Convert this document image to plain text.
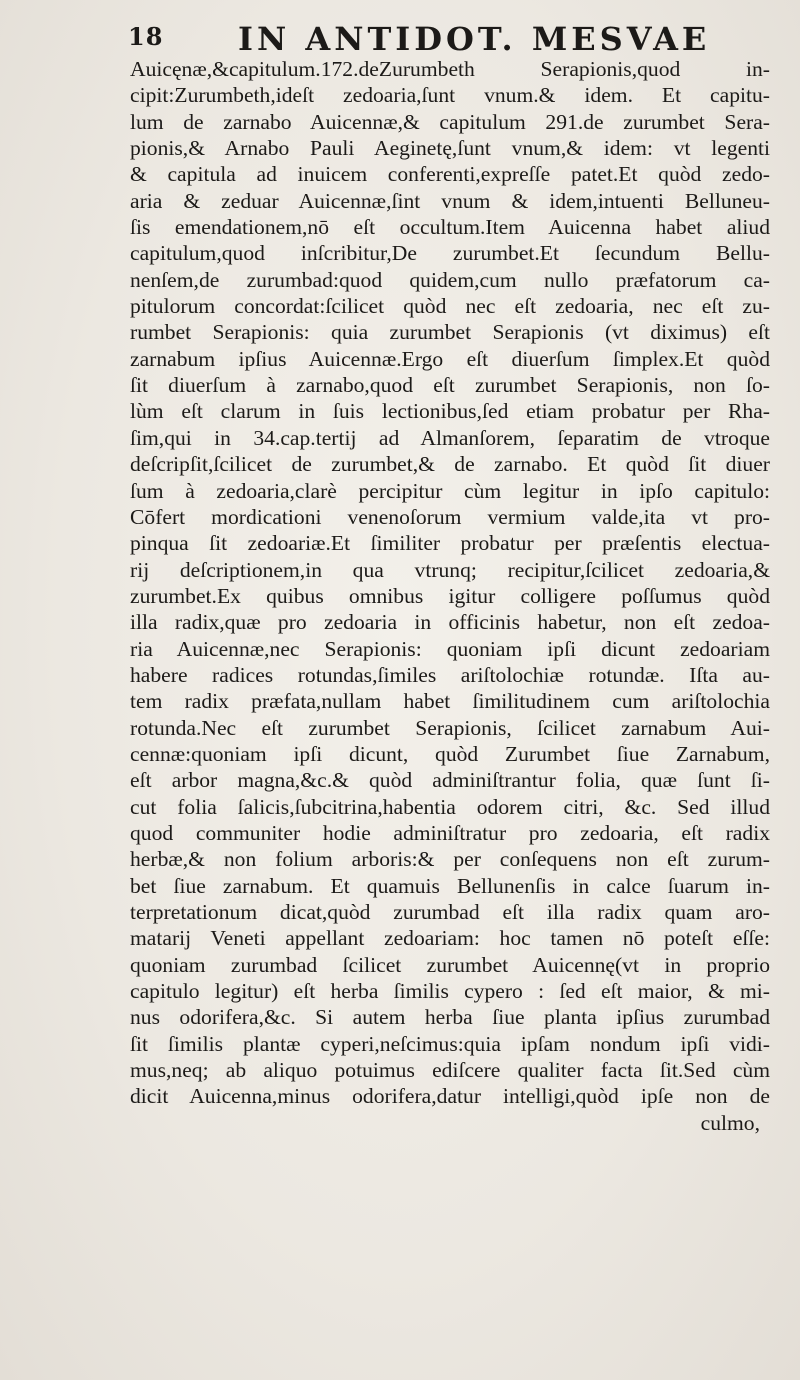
18 IN ANTIDOT. MESVAE
Auicęnæ,&capitulum.172.deZurumbeth Serapionis,quod in-
cipit:Zurumbeth,ideſt zedoaria,ſunt vnum.& idem. Et capitu-
lum de zarnabo Auicennæ,& capitulum 291.de zurumbet Sera-
pionis,& Arnabo Pauli Aeginetę,ſunt vnum,& idem: vt legenti
& capitula ad inuicem conferenti,expreſſe patet.Et quòd zedo-
aria & zeduar Auicennæ,ſint vnum & idem,intuenti Belluneu-
ſis emendationem,nō eſt occultum.Item Auicenna habet aliud
capitulum,quod inſcribitur,De zurumbet.Et ſecundum Bellu-
nenſem,de zurumbad:quod quidem,cum nullo præfatorum ca-
pitulorum concordat:ſcilicet quòd nec eſt zedoaria, nec eſt zu-
rumbet Serapionis: quia zurumbet Serapionis (vt diximus) eſt
zarnabum ipſius Auicennæ.Ergo eſt diuerſum ſimplex.Et quòd
ſit diuerſum à zarnabo,quod eſt zurumbet Serapionis, non ſo-
lùm eſt clarum in ſuis lectionibus,ſed etiam probatur per Rha-
ſim,qui in 34.cap.tertij ad Almanſorem, ſeparatim de vtroque
deſcripſit,ſcilicet de zurumbet,& de zarnabo. Et quòd ſit diuer
ſum à zedoaria,clarè percipitur cùm legitur in ipſo capitulo:
Cōfert mordicationi venenoſorum vermium valde,ita vt pro-
pinqua ſit zedoariæ.Et ſimiliter probatur per præſentis electua-
rij deſcriptionem,in qua vtrunq; recipitur,ſcilicet zedoaria,&
zurumbet.Ex quibus omnibus igitur colligere poſſumus quòd
illa radix,quæ pro zedoaria in officinis habetur, non eſt zedoa-
ria Auicennæ,nec Serapionis: quoniam ipſi dicunt zedoariam
habere radices rotundas,ſimiles ariſtolochiæ rotundæ. Iſta au-
tem radix præfata,nullam habet ſimilitudinem cum ariſtolochia
rotunda.Nec eſt zurumbet Serapionis, ſcilicet zarnabum Aui-
cennæ:quoniam ipſi dicunt, quòd Zurumbet ſiue Zarnabum,
eſt arbor magna,&c.& quòd adminiſtrantur folia, quæ ſunt ſi-
cut folia ſalicis,ſubcitrina,habentia odorem citri, &c. Sed illud
quod communiter hodie adminiſtratur pro zedoaria, eſt radix
herbæ,& non folium arboris:& per conſequens non eſt zurum-
bet ſiue zarnabum. Et quamuis Bellunenſis in calce ſuarum in-
terpretationum dicat,quòd zurumbad eſt illa radix quam aro-
matarij Veneti appellant zedoariam: hoc tamen nō poteſt eſſe:
quoniam zurumbad ſcilicet zurumbet Auicennę(vt in proprio
capitulo legitur) eſt herba ſimilis cypero : ſed eſt maior, & mi-
nus odorifera,&c. Si autem herba ſiue planta ipſius zurumbad
ſit ſimilis plantæ cyperi,neſcimus:quia ipſam nondum ipſi vidi-
mus,neq; ab aliquo potuimus ediſcere qualiter facta ſit.Sed cùm
dicit Auicenna,minus odorifera,datur intelligi,quòd ipſe non de
culmo,
